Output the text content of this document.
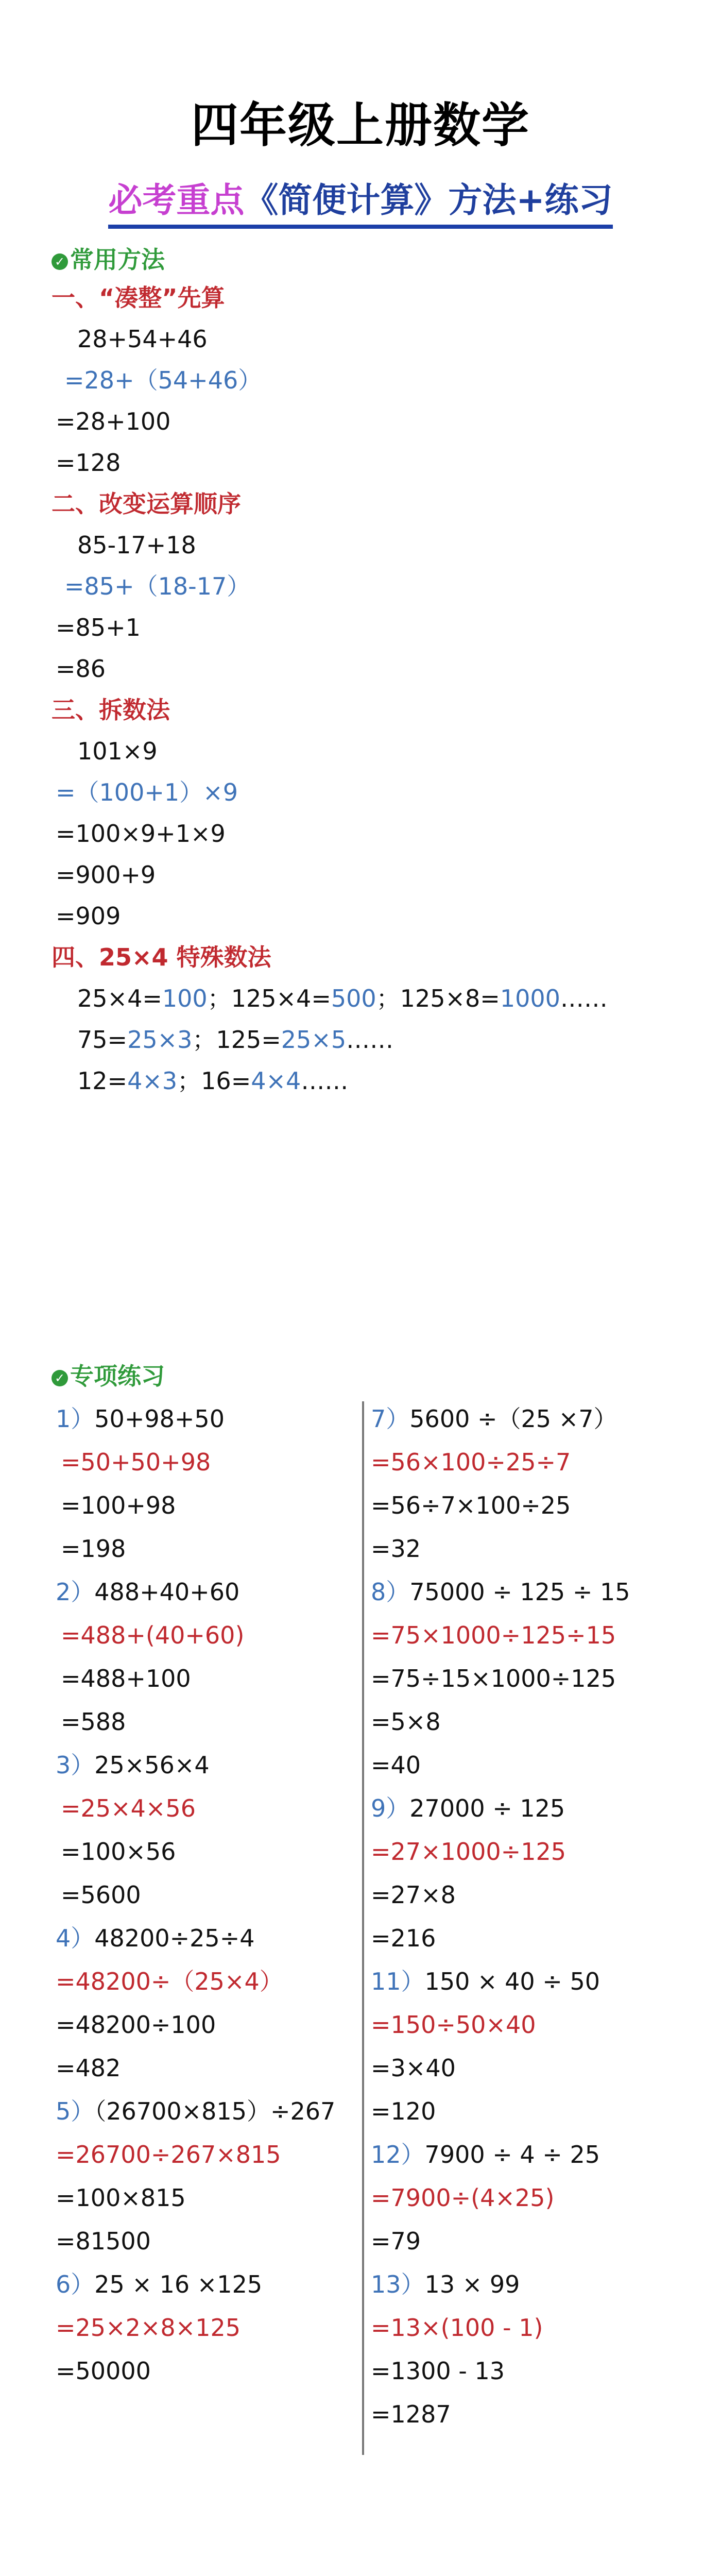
四年级上册数学
必考重点《简便计算》方法+练习
✓ 常用方法
一、“凑整”先算
28+54+46
=28+（54+46）
=28+100
=128
二、改变运算顺序
85-17+18
=85+（18-17）
=85+1
=86
三、拆数法
101×9
=（100+1）×9
=100×9+1×9
=900+9
=909
四、25×4 特殊数法
25×4=100；125×4=500；125×8=1000……
75=25×3；125=25×5……
12=4×3；16=4×4……
✓ 专项练习
1）50+98+50
=50+50+98
=100+98
=198
2）488+40+60
=488+(40+60)
=488+100
=588
3）25×56×4
=25×4×56
=100×56
=5600
4）48200÷25÷4
=48200÷（25×4）
=48200÷100
=482
5）（26700×815）÷267
=26700÷267×815
=100×815
=81500
6）25 × 16 ×125
=25×2×8×125
=50000
7）5600 ÷（25 ×7）
=56×100÷25÷7
=56÷7×100÷25
=32
8）75000 ÷ 125 ÷ 15
=75×1000÷125÷15
=75÷15×1000÷125
=5×8
=40
9）27000 ÷ 125
=27×1000÷125
=27×8
=216
11）150 × 40 ÷ 50
=150÷50×40
=3×40
=120
12）7900 ÷ 4 ÷ 25
=7900÷(4×25)
=79
13）13 × 99
=13×(100 - 1)
=1300 - 13
=1287
